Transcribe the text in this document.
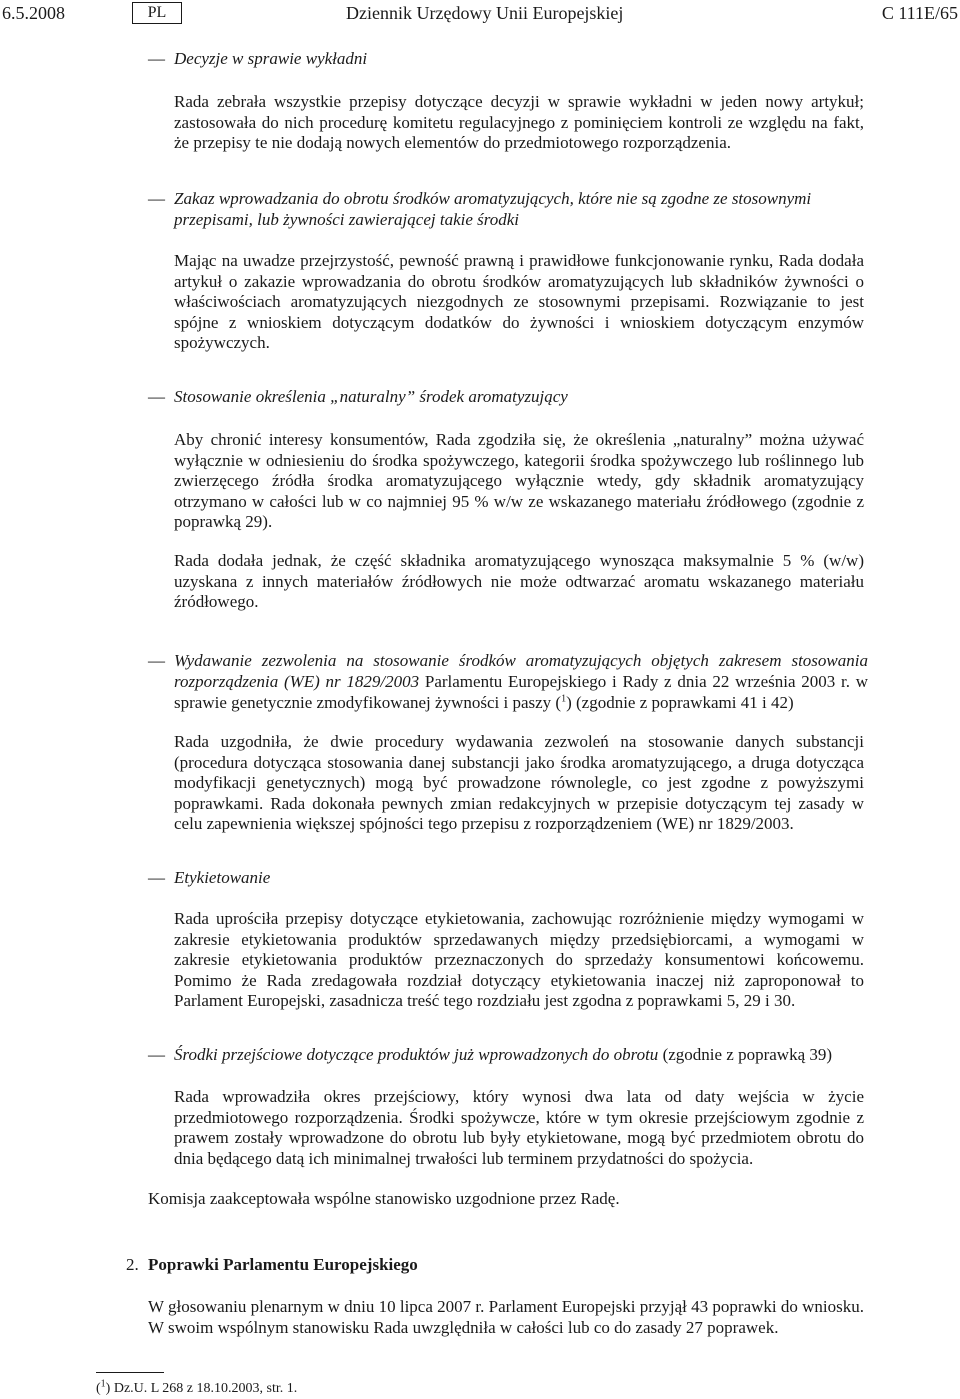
6.5.2008	PL	Dziennik Urzędowy Unii Europejskiej	C 111E/65
— Decyzje w sprawie wykładni
Rada zebrała wszystkie przepisy dotyczące decyzji w sprawie wykładni w jeden nowy artykuł; zastosowała do nich procedurę komitetu regulacyjnego z pominięciem kontroli ze względu na fakt, że przepisy te nie dodają nowych elementów do przedmiotowego rozporządzenia.
— Zakaz wprowadzania do obrotu środków aromatyzujących, które nie są zgodne ze stosownymi przepisami, lub żywności zawierającej takie środki
Mając na uwadze przejrzystość, pewność prawną i prawidłowe funkcjonowanie rynku, Rada dodała artykuł o zakazie wprowadzania do obrotu środków aromatyzujących lub składników żywności o właściwościach aromatyzujących niezgodnych ze stosownymi przepisami. Rozwiązanie to jest spójne z wnioskiem dotyczącym dodatków do żywności i wnioskiem dotyczącym enzymów spożywczych.
— Stosowanie określenia „naturalny” środek aromatyzujący
Aby chronić interesy konsumentów, Rada zgodziła się, że określenia „naturalny” można używać wyłącznie w odniesieniu do środka spożywczego, kategorii środka spożywczego lub roślinnego lub zwierzęcego źródła środka aromatyzującego wyłącznie wtedy, gdy składnik aromatyzujący otrzymano w całości lub w co najmniej 95 % w/w ze wskazanego materiału źródłowego (zgodnie z poprawką 29).
Rada dodała jednak, że część składnika aromatyzującego wynosząca maksymalnie 5 % (w/w) uzyskana z innych materiałów źródłowych nie może odtwarzać aromatu wskazanego materiału źródłowego.
— Wydawanie zezwolenia na stosowanie środków aromatyzujących objętych zakresem stosowania rozporządzenia (WE) nr 1829/2003 Parlamentu Europejskiego i Rady z dnia 22 września 2003 r. w sprawie genetycznie zmodyfikowanej żywności i paszy ($^1$) (zgodnie z poprawkami 41 i 42)
Rada uzgodniła, że dwie procedury wydawania zezwoleń na stosowanie danych substancji (procedura dotycząca stosowania danej substancji jako środka aromatyzującego, a druga dotycząca modyfikacji genetycznych) mogą być prowadzone równolegle, co jest zgodne z powyższymi poprawkami. Rada dokonała pewnych zmian redakcyjnych w przepisie dotyczącym tej zasady w celu zapewnienia większej spójności tego przepisu z rozporządzeniem (WE) nr 1829/2003.
— Etykietowanie
Rada uprościła przepisy dotyczące etykietowania, zachowując rozróżnienie między wymogami w zakresie etykietowania produktów sprzedawanych między przedsiębiorcami, a wymogami w zakresie etykietowania produktów przeznaczonych do sprzedaży konsumentowi końcowemu. Pomimo że Rada zredagowała rozdział dotyczący etykietowania inaczej niż zaproponował to Parlament Europejski, zasadnicza treść tego rozdziału jest zgodna z poprawkami 5, 29 i 30.
— Środki przejściowe dotyczące produktów już wprowadzonych do obrotu (zgodnie z poprawką 39)
Rada wprowadziła okres przejściowy, który wynosi dwa lata od daty wejścia w życie przedmiotowego rozporządzenia. Środki spożywcze, które w tym okresie przejściowym zgodnie z prawem zostały wprowadzone do obrotu lub były etykietowane, mogą być przedmiotem obrotu do dnia będącego datą ich minimalnej trwałości lub terminem przydatności do spożycia.
Komisja zaakceptowała wspólne stanowisko uzgodnione przez Radę.
2. Poprawki Parlamentu Europejskiego
W głosowaniu plenarnym w dniu 10 lipca 2007 r. Parlament Europejski przyjął 43 poprawki do wniosku. W swoim wspólnym stanowisku Rada uwzględniła w całości lub co do zasady 27 poprawek.
($^1$) Dz.U. L 268 z 18.10.2003, str. 1.
